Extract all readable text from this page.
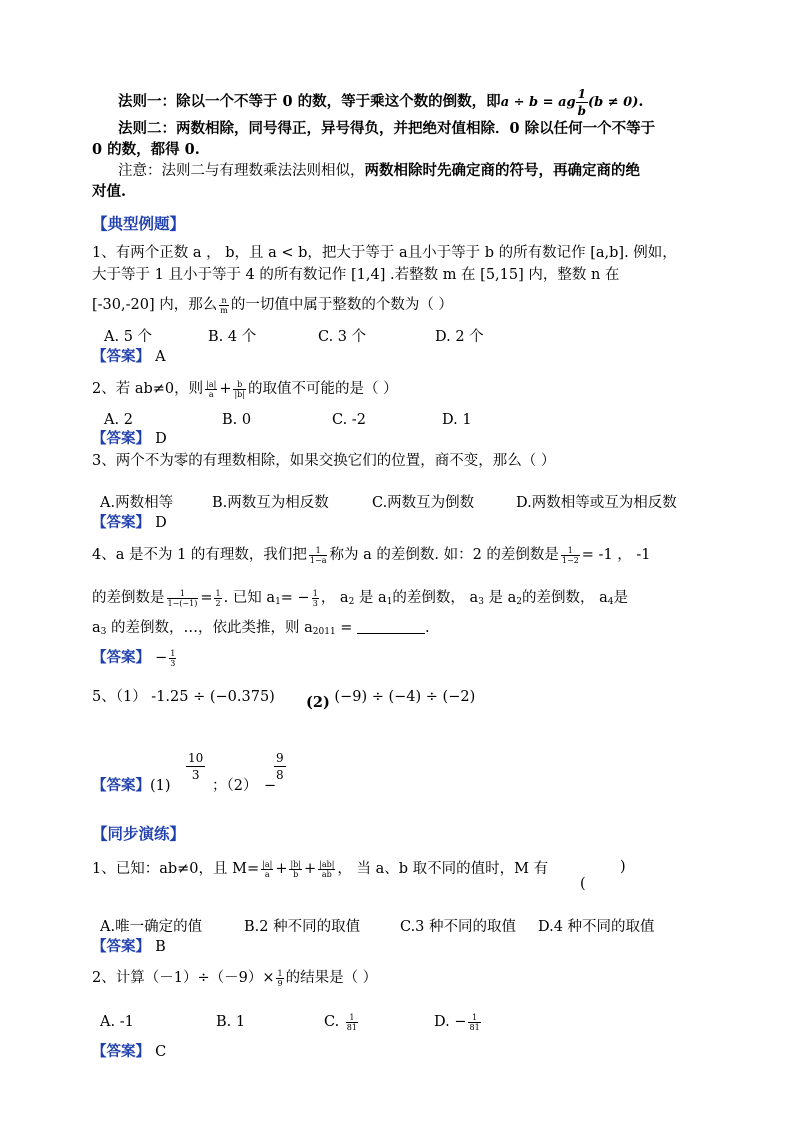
法则一：除以一个不等于 0 的数，等于乘这个数的倒数，即a ÷ b = ag $\frac{1}{b} (b \ne 0)$.
法则二：两数相除，同号得正，异号得负，并把绝对值相除．0 除以任何一个不等于
0 的数，都得 0.
注意：法则二与有理数乘法法则相似，两数相除时先确定商的符号，再确定商的绝
对值.
【典型例题】
1、有两个正数 a ， b，且 a < b，把大于等于 a且小于等于 b 的所有数记作 [a,b]. 例如，
大于等于 1 且小于等于 4 的所有数记作 [1,4] .若整数 m 在 [5,15] 内，整数 n 在
[-30,-20] 内，那么 $\frac{n}{m}$ 的一切值中属于整数的个数为（ ）
A. 5 个	B. 4 个	C. 3 个	D. 2 个
【答案】 A
2、若 ab≠0，则 $\frac{|a|}{a} + \frac{b}{|b|}$ 的取值不可能的是（ ）
A. 2	B. 0	C. -2	D. 1
【答案】 D
3、两个不为零的有理数相除，如果交换它们的位置，商不变，那么（ ）
A.两数相等	B.两数互为相反数	C.两数互为倒数	D.两数相等或互为相反数
【答案】 D
4、a 是不为 1 的有理数，我们把 $\frac{1}{1-a}$ 称为 a 的差倒数. 如：2 的差倒数是 $\frac{1}{1-2} = -1$ ， -1
的差倒数是 $\frac{1}{1-(-1)} = \frac{1}{2}$ . 已知 $a_1= - \frac{1}{3}$ ， $a_2$ 是 $a_1$的差倒数， $a_3$ 是 $a_2$的差倒数， $a_4$是
$a_3$ 的差倒数，…，依此类推，则 $a_{2011}$ =	.
【答案】 − $\frac{1}{3}$
5、（1） -1.25 ÷ (−0.375) (2) (−9) ÷ (−4) ÷ (−2)
【答案】 (1)
10
3
；（2） −
9
8
【同步演练】
1、已知：ab≠0，且 $M= \frac{|a|}{a} + \frac{|b|}{b} + \frac{|ab|}{ab}$ ， 当 a、b 取不同的值时，M 有	)
(
A.唯一确定的值	B.2 种不同的取值	C.3 种不同的取值 D.4 种不同的取值
【答案】 B
2、计算$(-1)\div(-9)\times \frac{1}{9}$ 的结果是（ ）
A. -1	B. 1	C. $\frac{1}{81}$	D. − $\frac{1}{81}$
【答案】 C
